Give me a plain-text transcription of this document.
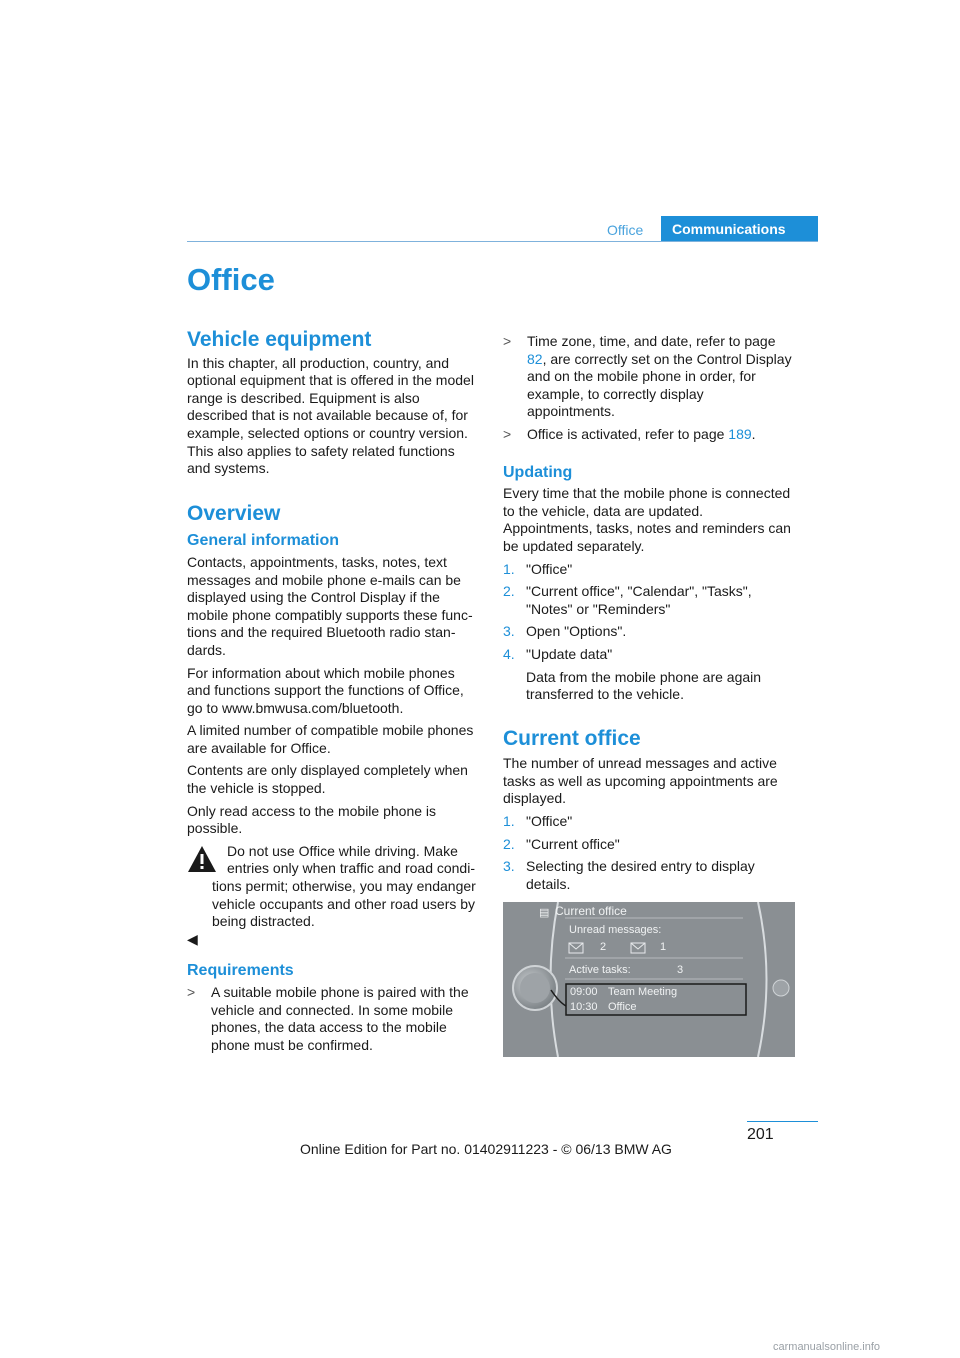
Office	Communications
Office
Vehicle equipment

In this chapter, all production, country, and optional equipment that is offered in the model range is described. Equipment is also described that is not available because of, for example, selected options or country version. This also applies to safety related functions and systems.

Overview
General information

Contacts, appointments, tasks, notes, text messages and mobile phone e-mails can be displayed using the Control Display if the mobile phone compatibly supports these func-tions and the required Bluetooth radio stan-dards.

For information about which mobile phones and functions support the functions of Office, go to www.bmwusa.com/bluetooth.

A limited number of compatible mobile phones are available for Office.

Contents are only displayed completely when the vehicle is stopped.

Only read access to the mobile phone is possible.

Do not use Office while driving. Make entries only when traffic and road condi-tions permit; otherwise, you may endanger vehicle occupants and other road users by being distracted.
◀
Requirements
>	A suitable mobile phone is paired with the vehicle and connected. In some mobile phones, the data access to the mobile phone must be confirmed.
>	Time zone, time, and date, refer to page 82, are correctly set on the Control Display and on the mobile phone in order, for example, to correctly display appointments.
>	Office is activated, refer to page 189.
Updating

Every time that the mobile phone is connected to the vehicle, data are updated. Appointments, tasks, notes and reminders can be updated separately.

1. "Office"
2. "Current office", "Calendar", "Tasks", "Notes" or "Reminders"
3. Open "Options".
4. "Update data"

Data from the mobile phone are again transferred to the vehicle.

Current office

The number of unread messages and active tasks as well as upcoming appointments are displayed.

1. "Office"
2. "Current office"
3. Selecting the desired entry to display details.
▤ Current office
Unread messages:
2	1
Active tasks:	3
09:00 Team Meeting
10:30 Office
201
Online Edition for Part no. 01402911223 - © 06/13 BMW AG
carmanualsonline.info
